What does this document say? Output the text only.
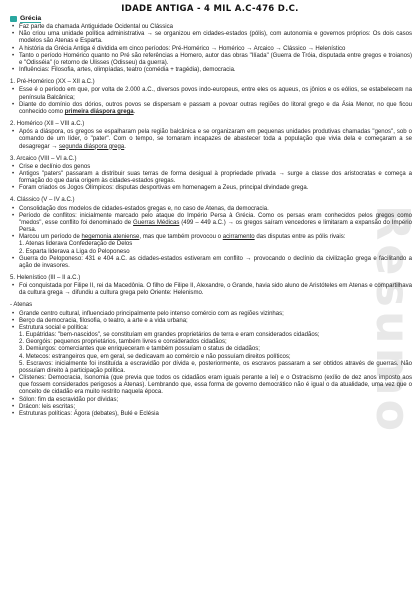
Resumo
IDADE ANTIGA - 4 MIL A.C-476 D.C.
Grécia
• Faz parte da chamada Antiguidade Ocidental ou Clássica
• Não criou uma unidade política administrativa → se organizou em cidades-estados (pólis), com autonomia e governos próprios: Os dois casos modelos são Atenas e Esparta.
• A história da Grécia Antiga é dividida em cinco períodos: Pré-Homérico → Homérico → Arcaico → Clássico → Helenístico
• Tanto o período Homérico quanto no Pré são referências a Homero, autor das obras "Ilíada" (Guerra de Tróia, disputada entre gregos e troianos) e "Odisséia" (o retorno de Ulisses (Odisseu) da guerra).
• Influências: Filosofia, artes, olimpíadas, teatro (comédia + tragédia), democracia.
1. Pré-Homérico (XX – XII a.C.)
• Esse é o período em que, por volta de 2.000 a.C., diversos povos indo-europeus, entre eles os aqueus, os jônios e os eólios, se estabelecem na península Balcânica;
• Diante do domínio dos dórios, outros povos se dispersam e passam a povoar outras regiões do litoral grego e da Ásia Menor, no que ficou conhecido como primeira diáspora grega.
2. Homérico (XII – VIII a.C.)
• Após a diáspora, os gregos se espalharam pela região balcânica e se organizaram em pequenas unidades produtivas chamadas "genos", sob o comando de um líder, o "pater". Com o tempo, se tornaram incapazes de abastecer toda a população que vivia dela e começaram a se desagregar → segunda diáspora grega.
3. Arcaico (VIII – VI a.C.)
• Crise e declínio dos genos
• Antigos "paters" passaram a distribuir suas terras de forma desigual à propriedade privada → surge a classe dos aristocratas e começa a formação do que daria origem às cidades-estados gregas.
• Foram criados os Jogos Olímpicos: disputas desportivas em homenagem a Zeus, principal divindade grega.
4. Clássico (V – IV a.C.)
• Consolidação dos modelos de cidades-estados gregas e, no caso de Atenas, da democracia.
• Período de conflitos: inicialmente marcado pelo ataque do Império Persa à Grécia. Como os persas eram conhecidos pelos gregos como "medos", esse conflito foi denominado de Guerras Médicas (499 – 449 a.C.) → os gregos saíram vencedores e limitaram a expansão do Império Persa.
• Marcou um período de hegemonia ateniense, mas que também provocou o acirramento das disputas entre as pólis rivais:
1. Atenas liderava Confederação de Delos
2. Esparta liderava a Liga do Peloponeso
• Guerra do Peloponeso: 431 e 404 a.C. as cidades-estados estiveram em conflito → provocando o declínio da civilização grega e facilitando a ação de invasores.
5. Helenístico (III – II a.C.)
• Foi conquistada por Filipe II, rei da Macedônia. O filho de Filipe II, Alexandre, o Grande, havia sido aluno de Aristóteles em Atenas e compartilhava da cultura grega → difundiu a cultura grega pelo Oriente: Helenismo.
- Atenas
• Grande centro cultural, influenciado principalmente pelo intenso comércio com as regiões vizinhas;
• Berço da democracia, filosofia, o teatro, a arte e a vida urbana;
• Estrutura social e política:
1. Eupátridas: "bem-nascidos", se constituíam em grandes proprietários de terra e eram considerados cidadãos;
2. Georgóis: pequenos proprietários, também livres e considerados cidadãos;
3. Demiurgos: comerciantes que enriqueceram e também possuíam o status de cidadãos;
4. Metecos: estrangeiros que, em geral, se dedicavam ao comércio e não possuíam direitos políticos;
5. Escravos: inicialmente foi instituída a escravidão por dívida e, posteriormente, os escravos passaram a ser obtidos através de guerras. Não possuíam direito à participação política.
• Clístenes: Democracia, Isonomia (que previa que todos os cidadãos eram iguais perante a lei) e o Ostracismo (exílio de dez anos imposto aos que fossem considerados perigosos a Atenas). Lembrando que, essa forma de governo democrático não é igual o da atualidade, uma vez que o conceito de cidadão era muito restrito naquela época.
• Sólon: fim da escravidão por dívidas;
• Drácon: leis escritas;
• Estruturas políticas: Ágora (debates), Bulé e Eclésia
